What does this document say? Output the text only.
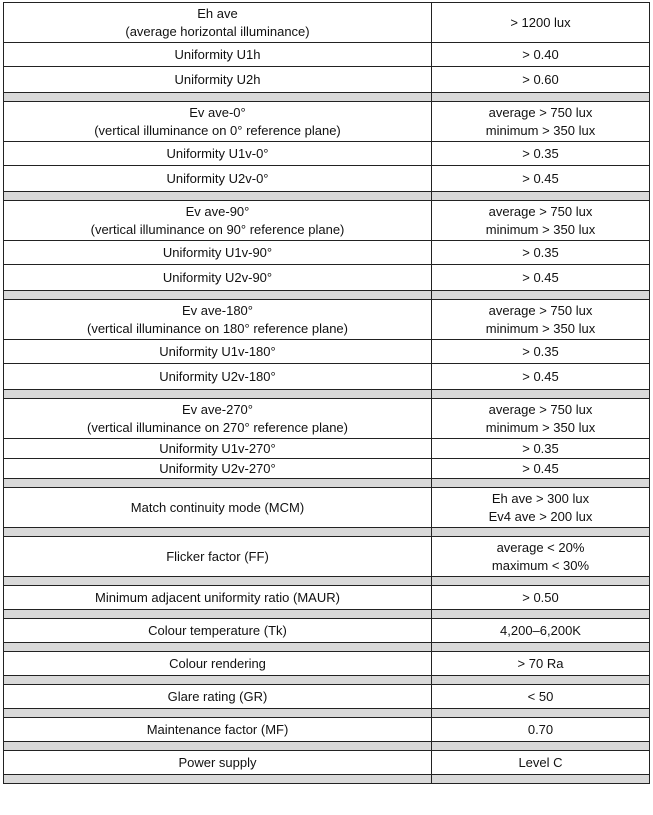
Eh ave
(average horizontal illuminance)	> 1200 lux

Uniformity U1h	> 0.40

Uniformity U2h	> 0.60

Ev ave-0°
(vertical illuminance on 0° reference plane)	average > 750 lux
minimum > 350 lux

Uniformity U1v-0°	> 0.35

Uniformity U2v-0°	> 0.45

Ev ave-90°
(vertical illuminance on 90° reference plane)	average > 750 lux
minimum > 350 lux

Uniformity U1v-90°	> 0.35

Uniformity U2v-90°	> 0.45

Ev ave-180°
(vertical illuminance on 180° reference plane)	average > 750 lux
minimum > 350 lux

Uniformity U1v-180°	> 0.35

Uniformity U2v-180°	> 0.45

Ev ave-270°
(vertical illuminance on 270° reference plane)	average > 750 lux
minimum > 350 lux

Uniformity U1v-270°	> 0.35

Uniformity U2v-270°	> 0.45

Match continuity mode (MCM)	Eh ave > 300 lux
Ev4 ave > 200 lux

Flicker factor (FF)	average < 20%
maximum < 30%

Minimum adjacent uniformity ratio (MAUR)	> 0.50

Colour temperature (Tk)	4,200–6,200K

Colour rendering	> 70 Ra

Glare rating (GR)	< 50

Maintenance factor (MF)	0.70

Power supply	Level C
